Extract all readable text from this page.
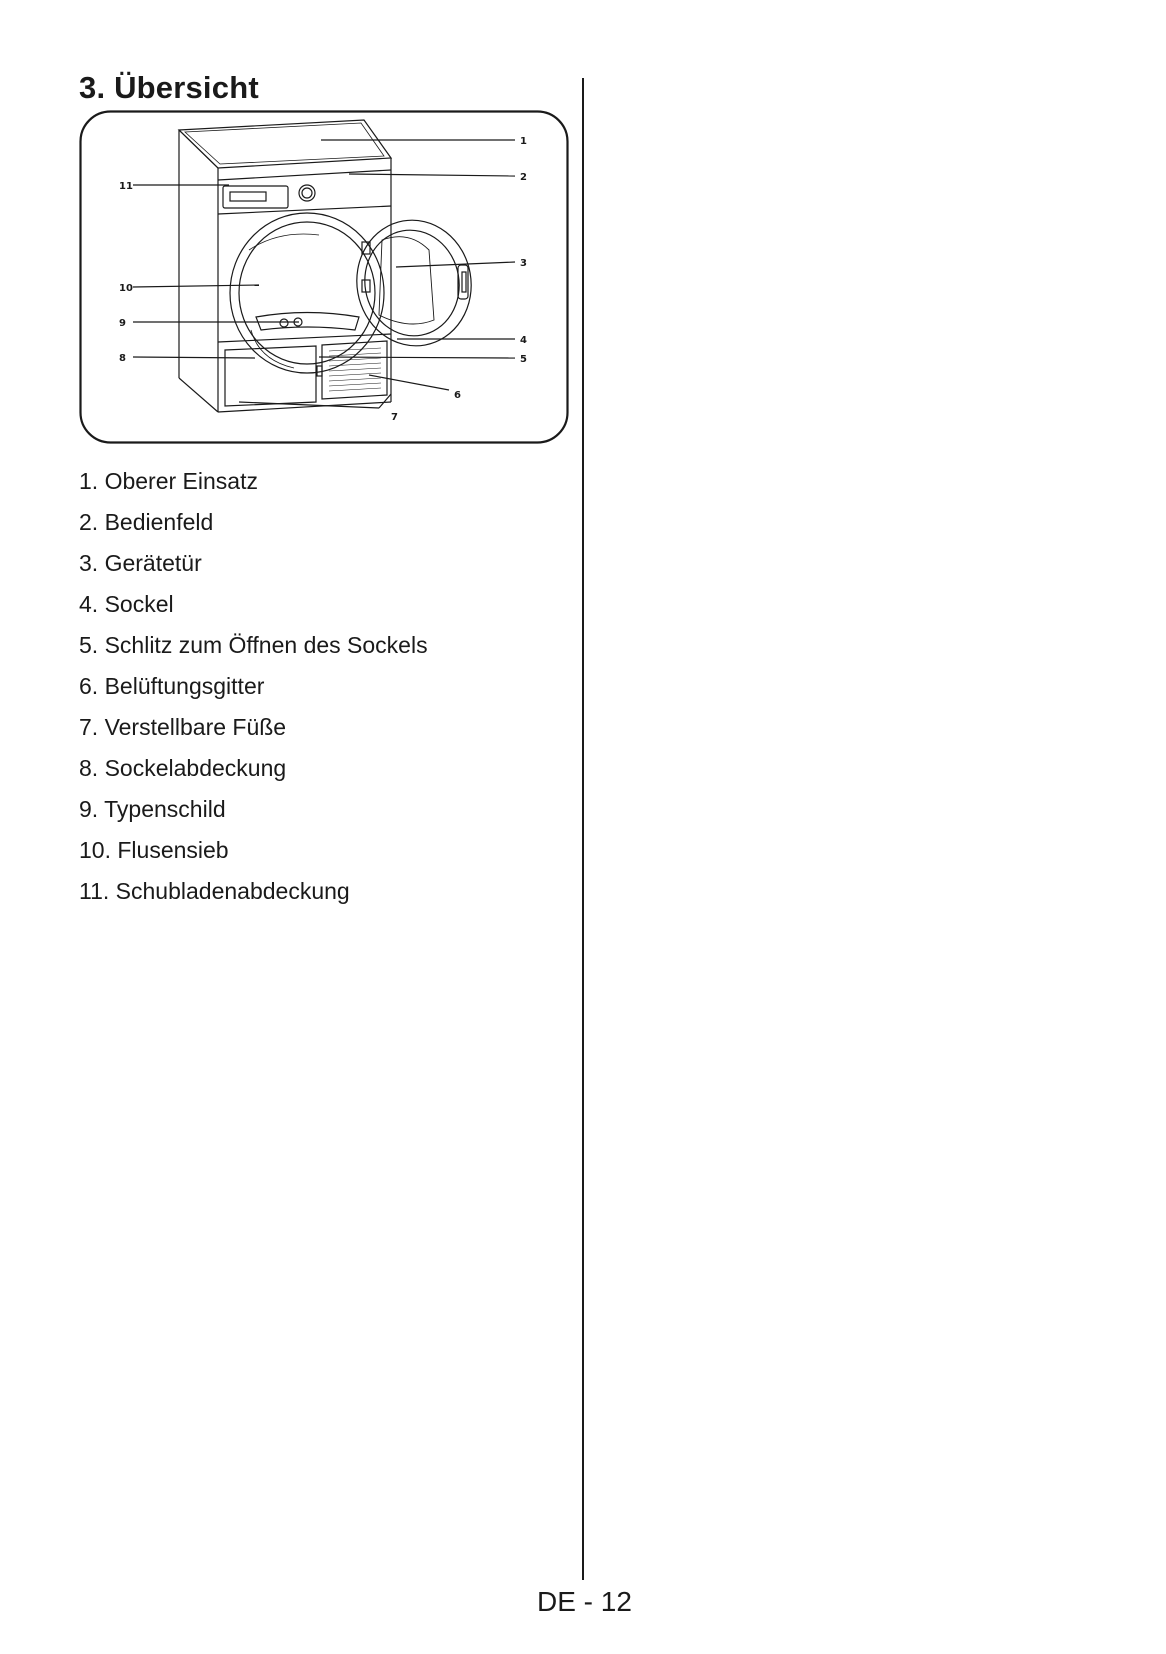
3. Übersicht
1
2
3
4
5
6
7
8
9
10
11
1. Oberer Einsatz
2. Bedienfeld
3. Gerätetür
4. Sockel
5. Schlitz zum Öffnen des Sockels
6. Belüftungsgitter
7. Verstellbare Füße
8. Sockelabdeckung
9. Typenschild
10. Flusensieb
11. Schubladenabdeckung
DE - 12
